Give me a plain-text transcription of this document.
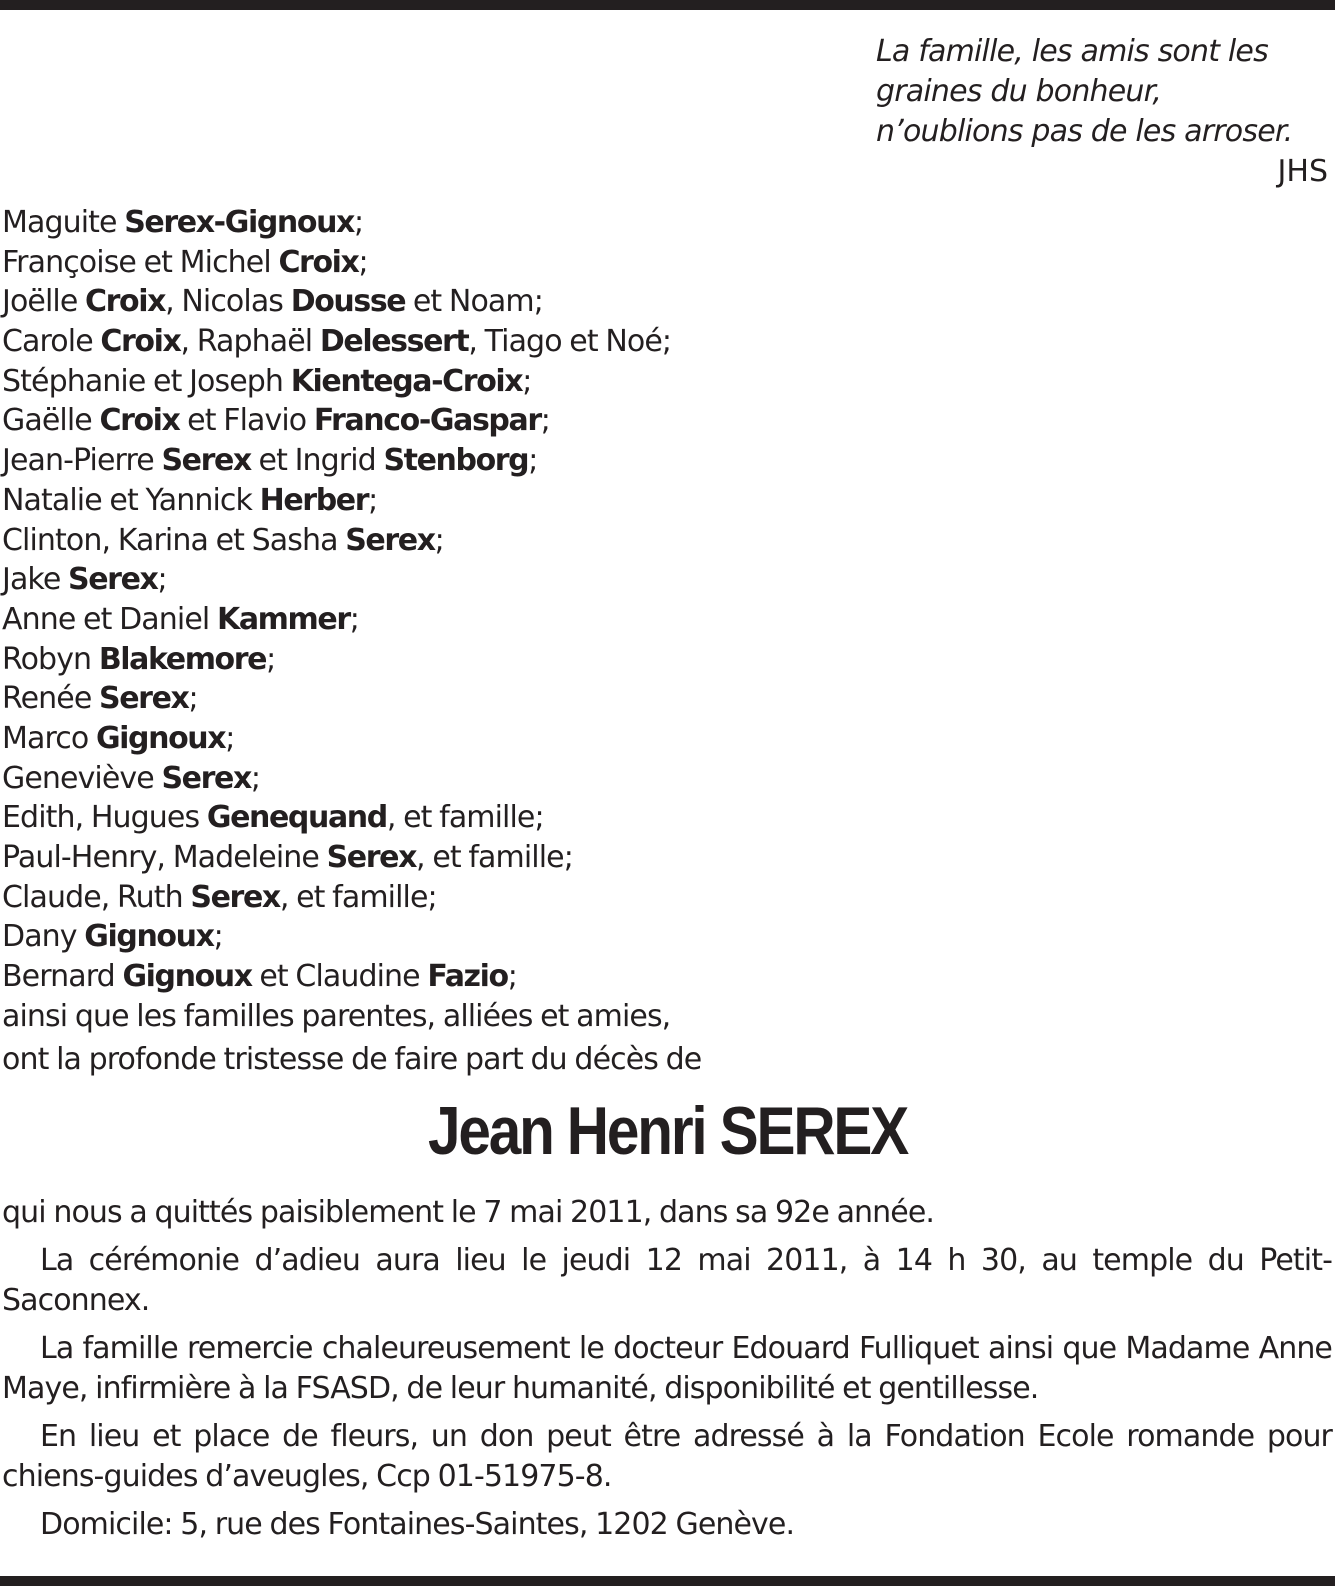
La famille, les amis sont les
graines du bonheur,
n’oublions pas de les arroser.
JHS
Maguite Serex-Gignoux;
Françoise et Michel Croix;
Joëlle Croix, Nicolas Dousse et Noam;
Carole Croix, Raphaël Delessert, Tiago et Noé;
Stéphanie et Joseph Kientega-Croix;
Gaëlle Croix et Flavio Franco-Gaspar;
Jean-Pierre Serex et Ingrid Stenborg;
Natalie et Yannick Herber;
Clinton, Karina et Sasha Serex;
Jake Serex;
Anne et Daniel Kammer;
Robyn Blakemore;
Renée Serex;
Marco Gignoux;
Geneviève Serex;
Edith, Hugues Genequand, et famille;
Paul-Henry, Madeleine Serex, et famille;
Claude, Ruth Serex, et famille;
Dany Gignoux;
Bernard Gignoux et Claudine Fazio;
ainsi que les familles parentes, alliées et amies,
ont la profonde tristesse de faire part du décès de
Jean Henri SEREX

qui nous a quittés paisiblement le 7 mai 2011, dans sa 92e année.

La cérémonie d’adieu aura lieu le jeudi 12 mai 2011, à 14 h 30, au temple du Petit-Saconnex.

La famille remercie chaleureusement le docteur Edouard Fulliquet ainsi que Madame Anne Maye, infirmière à la FSASD, de leur humanité, disponibilité et gentillesse.

En lieu et place de fleurs, un don peut être adressé à la Fondation Ecole romande pour chiens-guides d’aveugles, Ccp 01-51975-8.

Domicile: 5, rue des Fontaines-Saintes, 1202 Genève.
